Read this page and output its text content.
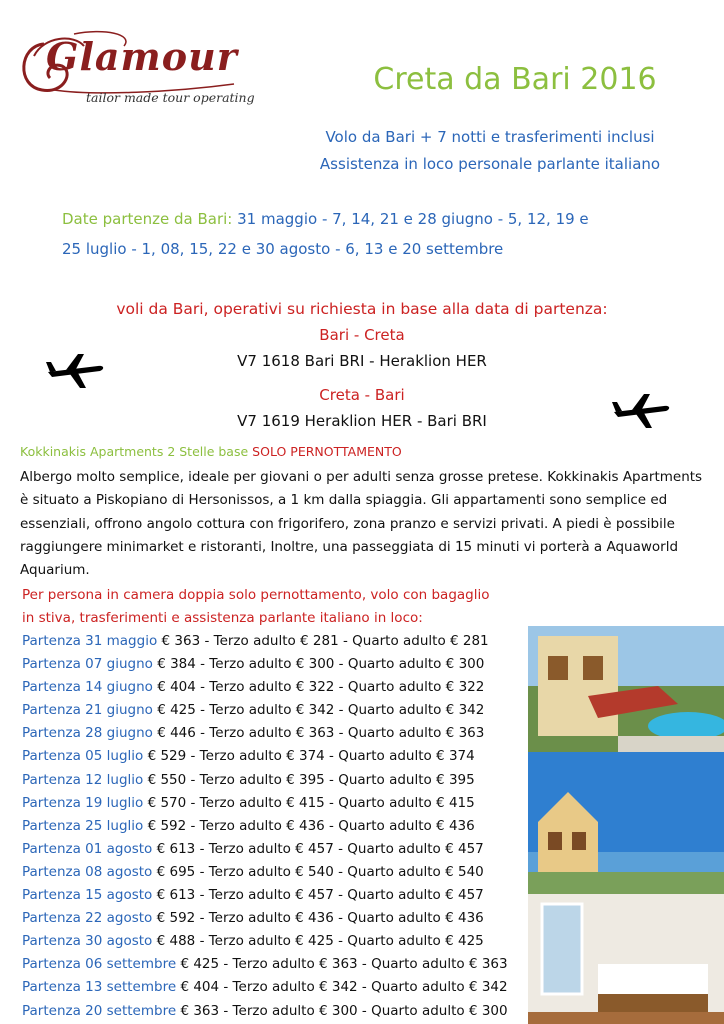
Glamour
tailor made tour operating
Creta da Bari 2016
Volo da Bari + 7 notti e trasferimenti inclusi
Assistenza in loco personale parlante italiano
Date partenze da Bari: 31 maggio - 7, 14, 21 e 28 giugno - 5, 12, 19 e
25 luglio - 1, 08, 15, 22 e 30 agosto - 6, 13 e 20 settembre
voli da Bari, operativi su richiesta in base alla data di partenza:
Bari - Creta
V7 1618 Bari BRI - Heraklion HER
Creta - Bari
V7 1619 Heraklion HER - Bari BRI
Kokkinakis Apartments 2 Stelle base SOLO PERNOTTAMENTO
Albergo molto semplice, ideale per giovani o per adulti senza grosse pretese. Kokkinakis Apartments è situato a Piskopiano di Hersonissos, a 1 km dalla spiaggia. Gli appartamenti sono semplice ed essenziali, offrono angolo cottura con frigorifero, zona pranzo e servizi privati. A piedi è possibile raggiungere minimarket e ristoranti, Inoltre, una passeggiata di 15 minuti vi porterà a Aquaworld Aquarium.
Per persona in camera doppia solo pernottamento, volo con bagaglio
in stiva, trasferimenti e assistenza parlante italiano in loco:
Partenza 31 maggio € 363 - Terzo adulto € 281 - Quarto adulto € 281
Partenza 07 giugno € 384 - Terzo adulto € 300 - Quarto adulto € 300
Partenza 14 giugno € 404 - Terzo adulto € 322 - Quarto adulto € 322
Partenza 21 giugno € 425 - Terzo adulto € 342 - Quarto adulto € 342
Partenza 28 giugno € 446 - Terzo adulto € 363 - Quarto adulto € 363
Partenza 05 luglio € 529 - Terzo adulto € 374 - Quarto adulto € 374
Partenza 12 luglio € 550 - Terzo adulto € 395 - Quarto adulto € 395
Partenza 19 luglio € 570 - Terzo adulto € 415 - Quarto adulto € 415
Partenza 25 luglio € 592 - Terzo adulto € 436 - Quarto adulto € 436
Partenza 01 agosto € 613 - Terzo adulto € 457 - Quarto adulto € 457
Partenza 08 agosto € 695 - Terzo adulto € 540 - Quarto adulto € 540
Partenza 15 agosto € 613 - Terzo adulto € 457 - Quarto adulto € 457
Partenza 22 agosto € 592 - Terzo adulto € 436 - Quarto adulto € 436
Partenza 30 agosto € 488 - Terzo adulto € 425 - Quarto adulto € 425
Partenza 06 settembre € 425 - Terzo adulto € 363 - Quarto adulto € 363
Partenza 13 settembre € 404 - Terzo adulto € 342 - Quarto adulto € 342
Partenza 20 settembre € 363 - Terzo adulto € 300 - Quarto adulto € 300
